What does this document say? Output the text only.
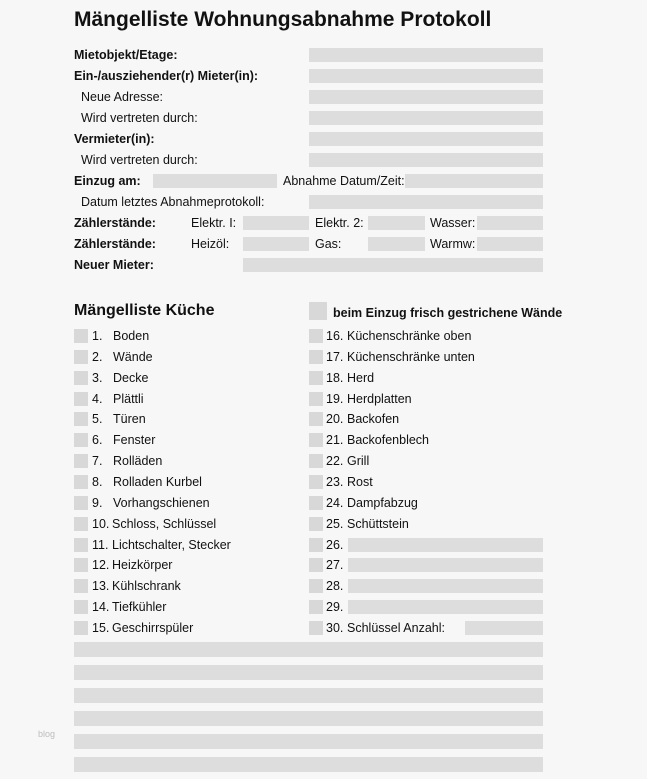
Mängelliste Wohnungsabnahme Protokoll
Mietobjekt/Etage:
Ein-/ausziehender(r) Mieter(in):
Neue Adresse:
Wird vertreten durch:
Vermieter(in):
Wird vertreten durch:
Einzug am:	Abnahme Datum/Zeit:
Datum letztes Abnahmeprotokoll:
Zählerstände:	Elektr. I:	Elektr. 2:	Wasser:
Zählerstände:	Heizöl:	Gas:	Warmw:
Neuer Mieter:
Mängelliste Küche	beim Einzug frisch gestrichene Wände
blog
1. Boden
2. Wände
3. Decke
4. Plättli
5. Türen
6. Fenster
7. Rolläden
8. Rolladen Kurbel
9. Vorhangschienen
10. Schloss, Schlüssel
11. Lichtschalter, Stecker
12. Heizkörper
13. Kühlschrank
14. Tiefkühler
15. Geschirrspüler
16. Küchenschränke oben
17. Küchenschränke unten
18. Herd
19. Herdplatten
20. Backofen
21. Backofenblech
22. Grill
23. Rost
24. Dampfabzug
25. Schüttstein
26.
27.
28.
29.
30. Schlüssel Anzahl:
